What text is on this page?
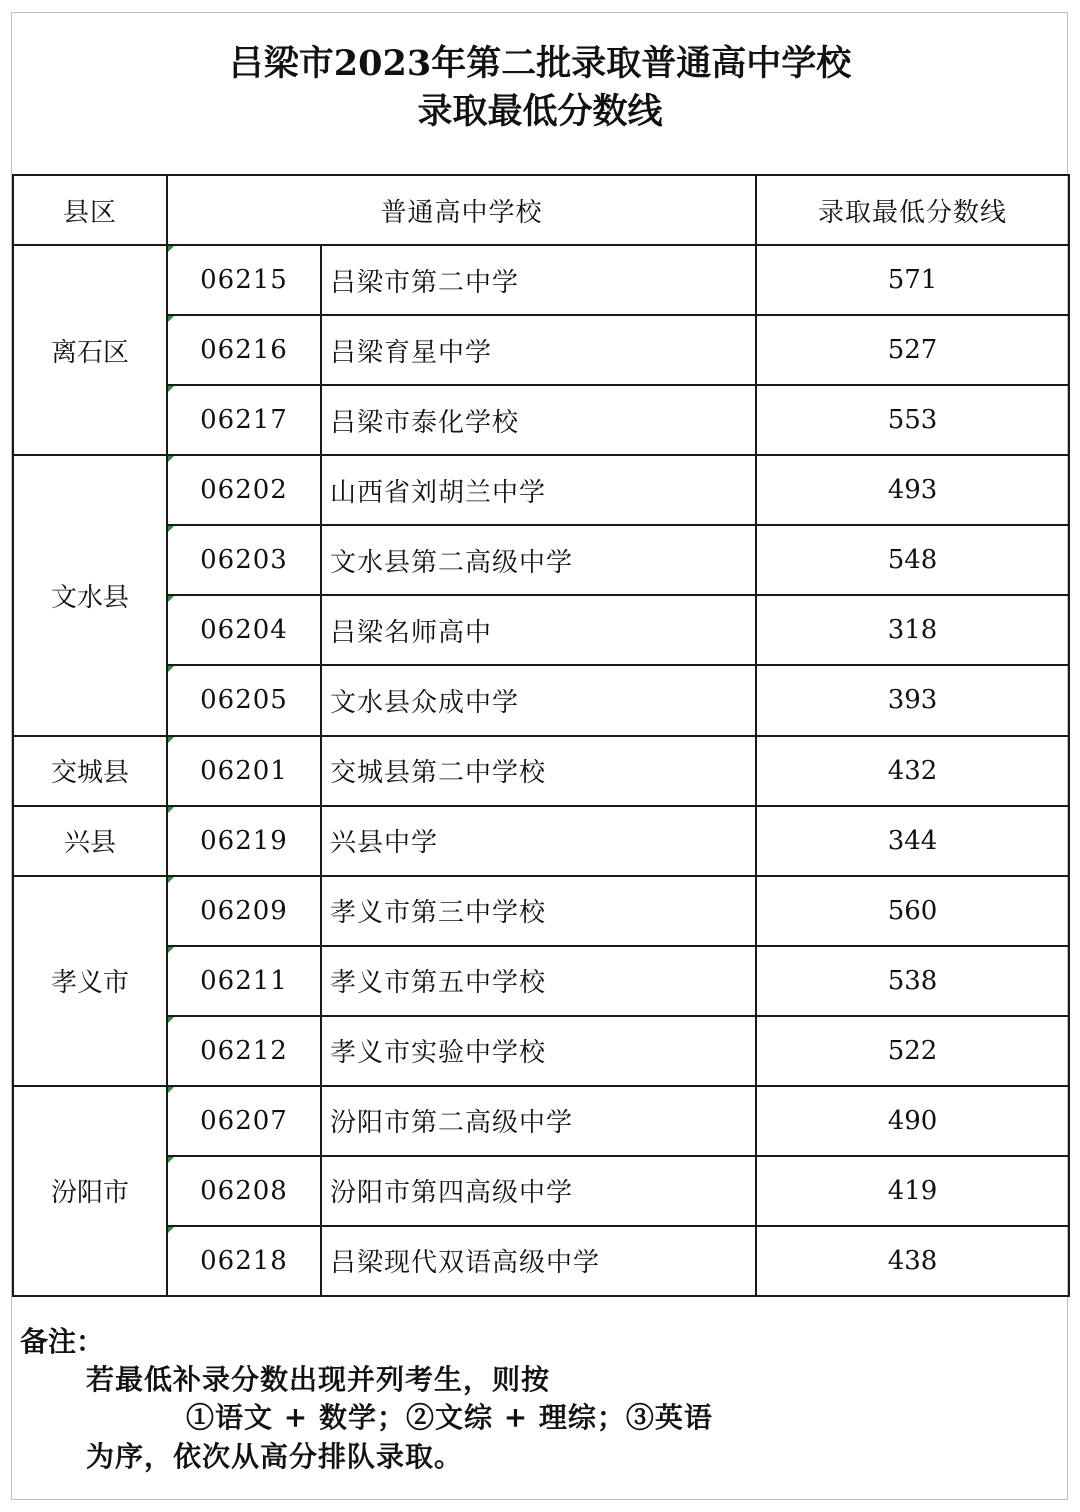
吕梁市2023年第二批录取普通高中学校
录取最低分数线
县区	普通高中学校		录取最低分数线
离石区	06215	吕梁市第二中学	571
	06216	吕梁育星中学	527
	06217	吕梁市泰化学校	553
文水县	06202	山西省刘胡兰中学	493
	06203	文水县第二高级中学	548
	06204	吕梁名师高中	318
	06205	文水县众成中学	393
交城县	06201	交城县第二中学校	432
兴县	06219	兴县中学	344
孝义市	06209	孝义市第三中学校	560
	06211	孝义市第五中学校	538
	06212	孝义市实验中学校	522
汾阳市	06207	汾阳市第二高级中学	490
	06208	汾阳市第四高级中学	419
	06218	吕梁现代双语高级中学	438
备注：
若最低补录分数出现并列考生，则按
①语文 + 数学；②文综 + 理综；③英语
为序，依次从高分排队录取。
